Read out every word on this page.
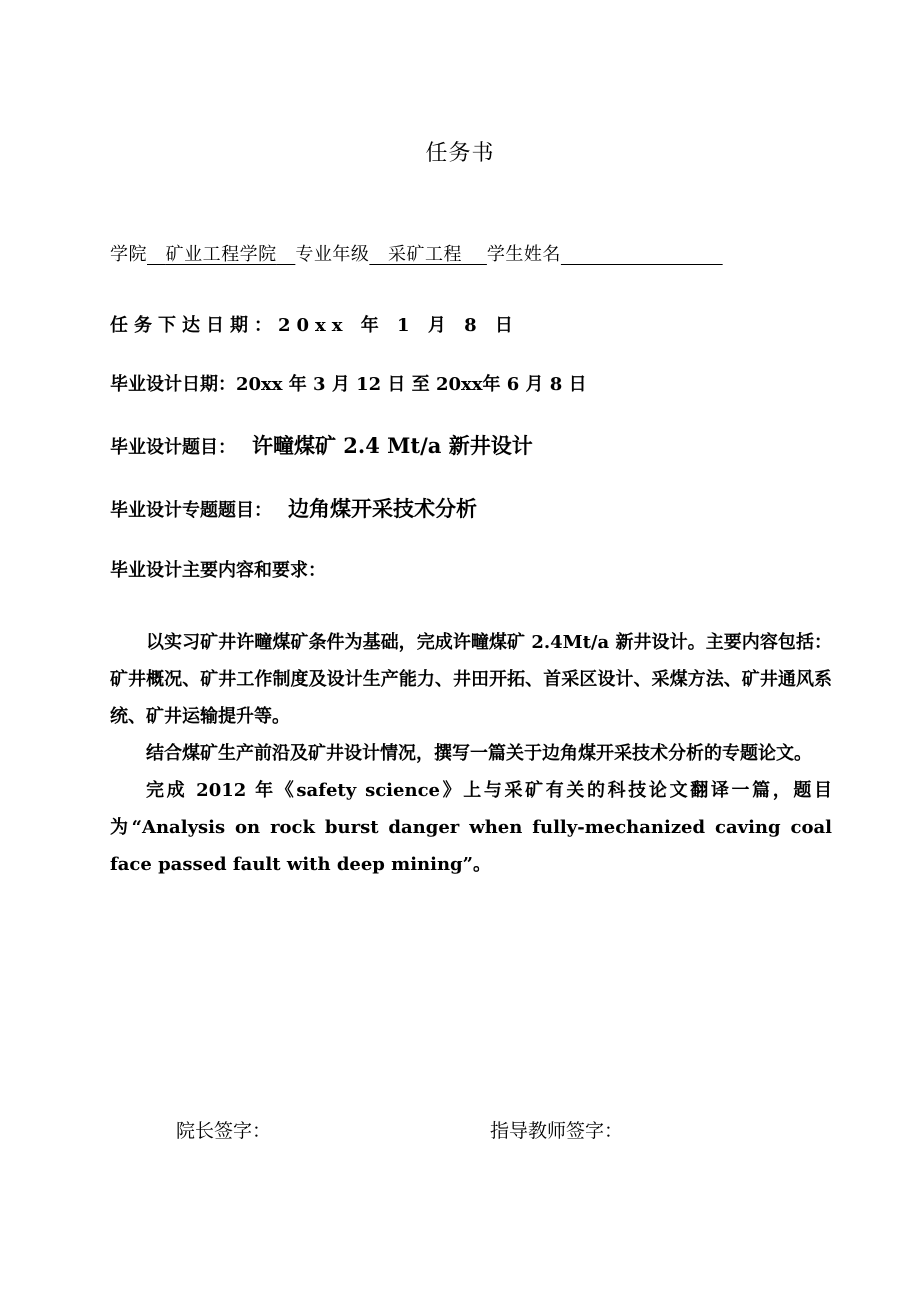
任务书
学院 矿业工程学院 专业年级 采矿工程 学生姓名
任务下达日期：20xx 年 1 月 8 日
毕业设计日期：20xx 年 3 月 12 日 至 20xx年 6 月 8 日
毕业设计题目： 许疃煤矿 2.4 Mt/a 新井设计
毕业设计专题题目： 边角煤开采技术分析
毕业设计主要内容和要求：

以实习矿井许疃煤矿条件为基础，完成许疃煤矿 2.4Mt/a 新井设计。主要内容包括：矿井概况、矿井工作制度及设计生产能力、井田开拓、首采区设计、采煤方法、矿井通风系统、矿井运输提升等。

结合煤矿生产前沿及矿井设计情况，撰写一篇关于边角煤开采技术分析的专题论文。

完成 2012 年《safety science》上与采矿有关的科技论文翻译一篇，题目为“Analysis on rock burst danger when fully-mechanized caving coal face passed fault with deep mining”。

院长签字：	指导教师签字：
